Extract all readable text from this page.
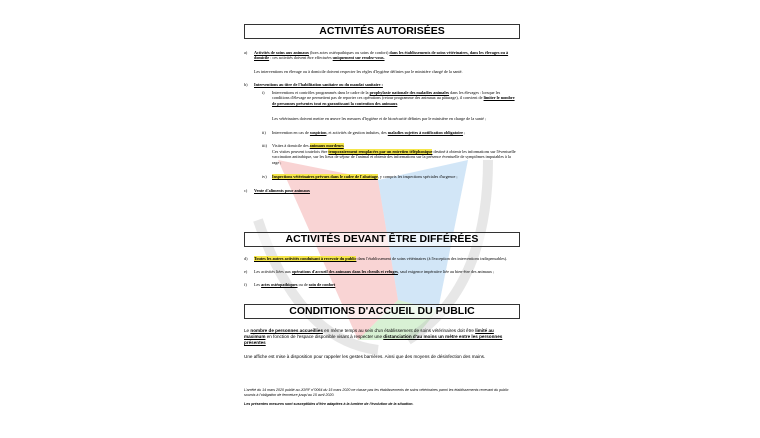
ACTIVITÉS AUTORISÉES
a)	Activités de soins aux animaux (hors actes ostéopathiques ou soins de confort) dans les établissements de soins vétérinaires, dans les élevages ou à domicile : ces activités doivent être effectuées uniquement sur rendez-vous.
Les interventions en élevage ou à domicile doivent respecter les règles d'hygiène définies par le ministère chargé de la santé.
b)	Interventions au titre de l'habilitation sanitaire ou du mandat sanitaire :
i)	Interventions et contrôles programmés dans le cadre de la prophylaxie nationale des maladies animales dans les élevages : lorsque les conditions d'élevage ne permettent pas de reporter ces opérations (retour programme des animaux au pâturage), il convient de limiter le nombre de personnes présentes tout en garantissant la contention des animaux.
Les vétérinaires doivent mettre en œuvre les mesures d'hygiène et de biosécurité définies par le ministère en charge de la santé ;
ii)	Intervention en cas de suspicion, et activités de gestion induites, des maladies sujettes à notification obligatoire ;
iii)	Visites à domicile des animaux mordeurs
Ces visites peuvent toutefois être temporairement remplacées par un entretien téléphonique destiné à obtenir les informations sur l'éventuelle vaccination antirabique, sur les lieux de séjour de l'animal et obtenir des informations sur la présence éventuelle de symptômes imputables à la rage ;
iv)	Inspections vétérinaires prévues dans le cadre de l'abattage, y compris les inspections spéciales d'urgence ;
c)	Vente d'aliments pour animaux
ACTIVITÉS DEVANT ÊTRE DIFFÉRÉES
d)	Toutes les autres activités conduisant à recevoir du public dans l'établissement de soins vétérinaires (à l'exception des interventions indispensables).
e)	Les activités liées aux opérations d'accueil des animaux dans les chenils et refuges, sauf exigence impérative liée au bien-être des animaux ;
f)	Les actes ostéopathiques ou de soin de confort
CONDITIONS D'ACCUEIL DU PUBLIC
Le nombre de personnes accueillies en même temps au sein d'un établissement de soins vétérinaires doit être limité au maximum en fonction de l'espace disponible visant à respecter une distanciation d'au moins un mètre entre les personnes présentes
Une affiche est mise à disposition pour rappeler les gestes barrières. Ainsi que des moyens de désinfection des mains.
L'arrêté du 14 mars 2020 publié au JORF n°0064 du 15 mars 2020 ne classe pas les établissements de soins vétérinaires parmi les établissements recevant du public soumis à l'obligation de fermeture jusqu'au 15 avril 2020.
Les présentes mesures sont susceptibles d'être adaptées à la lumière de l'évolution de la situation.
